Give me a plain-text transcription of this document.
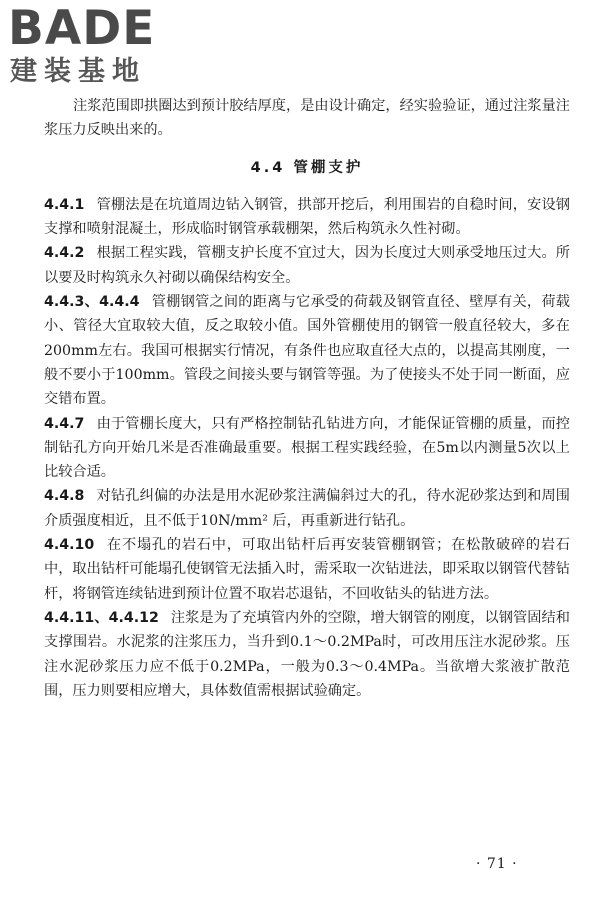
BADE
建装基地

注浆范围即拱圈达到预计胶结厚度，是由设计确定，经实验验证，通过注浆量注浆压力反映出来的。

4.4 管棚支护

4.4.1 管棚法是在坑道周边钻入钢管，拱部开挖后，利用围岩的自稳时间，安设钢支撑和喷射混凝土，形成临时钢管承载棚架，然后构筑永久性衬砌。

4.4.2 根据工程实践，管棚支护长度不宜过大，因为长度过大则承受地压过大。所以要及时构筑永久衬砌以确保结构安全。

4.4.3、4.4.4 管棚钢管之间的距离与它承受的荷载及钢管直径、壁厚有关，荷载小、管径大宜取较大值，反之取较小值。国外管棚使用的钢管一般直径较大，多在200mm左右。我国可根据实行情况，有条件也应取直径大点的，以提高其刚度，一般不要小于100mm。管段之间接头要与钢管等强。为了使接头不处于同一断面，应交错布置。

4.4.7 由于管棚长度大，只有严格控制钻孔钻进方向，才能保证管棚的质量，而控制钻孔方向开始几米是否准确最重要。根据工程实践经验，在5m以内测量5次以上比较合适。

4.4.8 对钻孔纠偏的办法是用水泥砂浆注满偏斜过大的孔，待水泥砂浆达到和周围介质强度相近，且不低于10N/mm² 后，再重新进行钻孔。

4.4.10 在不塌孔的岩石中，可取出钻杆后再安装管棚钢管；在松散破碎的岩石中，取出钻杆可能塌孔使钢管无法插入时，需采取一次钻进法，即采取以钢管代替钻杆，将钢管连续钻进到预计位置不取岩芯退钻，不回收钻头的钻进方法。

4.4.11、4.4.12 注浆是为了充填管内外的空隙，增大钢管的刚度，以钢管固结和支撑围岩。水泥浆的注浆压力，当升到0.1～0.2MPa时，可改用压注水泥砂浆。压注水泥砂浆压力应不低于0.2MPa，一般为0.3～0.4MPa。当欲增大浆液扩散范围，压力则要相应增大，具体数值需根据试验确定。

· 71 ·
